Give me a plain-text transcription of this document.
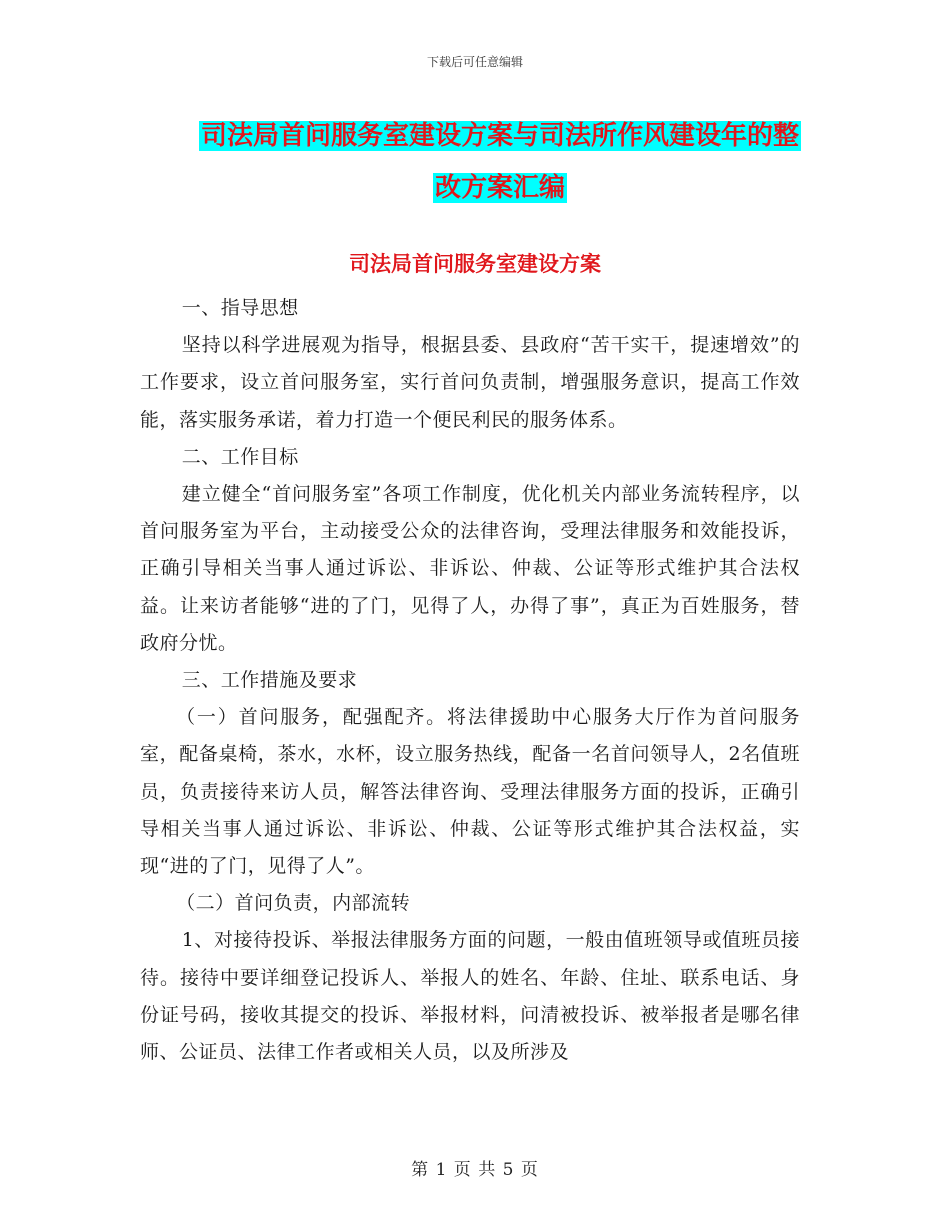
下载后可任意编辑
司法局首问服务室建设方案与司法所作风建设年的整
改方案汇编
司法局首问服务室建设方案

一、指导思想

坚持以科学进展观为指导，根据县委、县政府“苦干实干，提速增效”的工作要求，设立首问服务室，实行首问负责制，增强服务意识，提高工作效能，落实服务承诺，着力打造一个便民利民的服务体系。

二、工作目标

建立健全“首问服务室”各项工作制度，优化机关内部业务流转程序，以首问服务室为平台，主动接受公众的法律咨询，受理法律服务和效能投诉，正确引导相关当事人通过诉讼、非诉讼、仲裁、公证等形式维护其合法权益。让来访者能够“进的了门，见得了人，办得了事”，真正为百姓服务，替政府分忧。

三、工作措施及要求

（一）首问服务，配强配齐。将法律援助中心服务大厅作为首问服务室，配备桌椅，茶水，水杯，设立服务热线，配备一名首问领导人，2名值班员，负责接待来访人员，解答法律咨询、受理法律服务方面的投诉，正确引导相关当事人通过诉讼、非诉讼、仲裁、公证等形式维护其合法权益，实现“进的了门，见得了人”。

（二）首问负责，内部流转

1、对接待投诉、举报法律服务方面的问题，一般由值班领导或值班员接待。接待中要详细登记投诉人、举报人的姓名、年龄、住址、联系电话、身份证号码，接收其提交的投诉、举报材料，问清被投诉、被举报者是哪名律师、公证员、法律工作者或相关人员，以及所涉及

第 1 页 共 5 页
